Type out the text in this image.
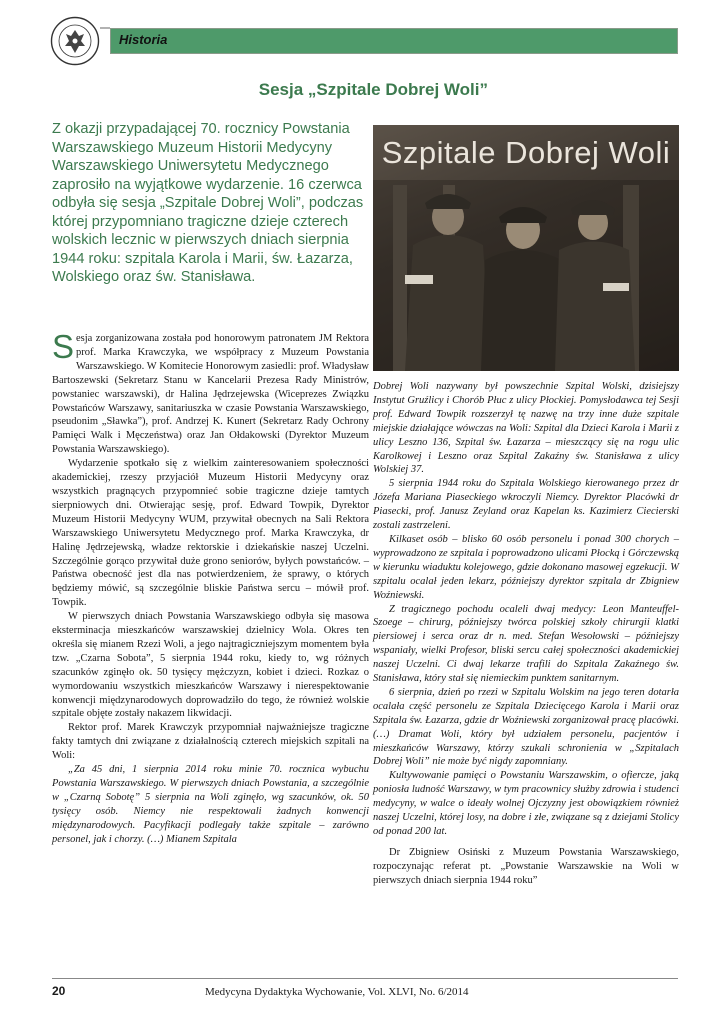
Historia
Sesja „Szpitale Dobrej Woli”

Z okazji przypadającej 70. rocznicy Powstania Warszawskiego Muzeum Historii Medycyny Warszawskiego Uniwersytetu Medycznego zaprosiło na wyjątkowe wydarzenie. 16 czerwca odbyła się sesja „Szpitale Dobrej Woli”, podczas której przypomniano tragiczne dzieje czterech wolskich lecznic w pierwszych dniach sierpnia 1944 roku: szpitala Karola i Marii, św. Łazarza, Wolskiego oraz św. Stanisława.

Szpitale Dobrej Woli

Sesja zorganizowana została pod honorowym patronatem JM Rektora prof. Marka Krawczyka, we współpracy z Muzeum Powstania Warszawskiego. W Komitecie Honorowym zasiedli: prof. Władysław Bartoszewski (Sekretarz Stanu w Kancelarii Prezesa Rady Ministrów, powstaniec warszawski), dr Halina Jędrzejewska (Wiceprezes Związku Powstańców Warszawy, sanitariuszka w czasie Powstania Warszawskiego, pseudonim „Sławka”), prof. Andrzej K. Kunert (Sekretarz Rady Ochrony Pamięci Walk i Męczeństwa) oraz Jan Ołdakowski (Dyrektor Muzeum Powstania Warszawskiego).

Wydarzenie spotkało się z wielkim zainteresowaniem społeczności akademickiej, rzeszy przyjaciół Muzeum Historii Medycyny oraz wszystkich pragnących przypomnieć sobie tragiczne dzieje tamtych sierpniowych dni. Otwierając sesję, prof. Edward Towpik, Dyrektor Muzeum Historii Medycyny WUM, przywitał obecnych na Sali Rektora Warszawskiego Uniwersytetu Medycznego prof. Marka Krawczyka, dr Halinę Jędrzejewską, władze rektorskie i dziekańskie naszej Uczelni. Szczególnie gorąco przywitał duże grono seniorów, byłych powstańców. – Państwa obecność jest dla nas potwierdzeniem, że sprawy, o których będziemy mówić, są szczególnie bliskie Państwa sercu – mówił prof. Towpik.

W pierwszych dniach Powstania Warszawskiego odbyła się masowa eksterminacja mieszkańców warszawskiej dzielnicy Wola. Okres ten określa się mianem Rzezi Woli, a jego najtragiczniejszym momentem była tzw. „Czarna Sobota”, 5 sierpnia 1944 roku, kiedy to, wg różnych szacunków zginęło ok. 50 tysięcy mężczyzn, kobiet i dzieci. Rozkaz o wymordowaniu wszystkich mieszkańców Warszawy i nierespektowanie konwencji międzynarodowych doprowadziło do tego, że również wolskie szpitale objęte zostały nakazem likwidacji.

Rektor prof. Marek Krawczyk przypomniał najważniejsze tragiczne fakty tamtych dni związane z działalnością czterech miejskich szpitali na Woli:

„Za 45 dni, 1 sierpnia 2014 roku minie 70. rocznica wybuchu Powstania Warszawskiego. W pierwszych dniach Powstania, a szczególnie w „Czarną Sobotę” 5 sierpnia na Woli zginęło, wg szacunków, ok. 50 tysięcy osób. Niemcy nie respektowali żadnych konwencji międzynarodowych. Pacyfikacji podlegały także szpitale – zarówno personel, jak i chorzy. (…) Mianem Szpitala

Dobrej Woli nazywany był powszechnie Szpital Wolski, dzisiejszy Instytut Gruźlicy i Chorób Płuc z ulicy Płockiej. Pomysłodawca tej Sesji prof. Edward Towpik rozszerzył tę nazwę na trzy inne duże szpitale miejskie działające wówczas na Woli: Szpital dla Dzieci Karola i Marii z ulicy Leszno 136, Szpital św. Łazarza – mieszczący się na rogu ulic Karolkowej i Leszno oraz Szpital Zakaźny św. Stanisława z ulicy Wolskiej 37.

5 sierpnia 1944 roku do Szpitala Wolskiego kierowanego przez dr Józefa Mariana Piaseckiego wkroczyli Niemcy. Dyrektor Placówki dr Piasecki, prof. Janusz Zeyland oraz Kapelan ks. Kazimierz Ciecierski zostali zastrzeleni.

Kilkaset osób – blisko 60 osób personelu i ponad 300 chorych – wyprowadzono ze szpitala i poprowadzono ulicami Płocką i Górczewską w kierunku wiaduktu kolejowego, gdzie dokonano masowej egzekucji. W szpitalu ocalał jeden lekarz, późniejszy dyrektor szpitala dr Zbigniew Woźniewski.

Z tragicznego pochodu ocaleli dwaj medycy: Leon Manteuffel-Szoege – chirurg, późniejszy twórca polskiej szkoły chirurgii klatki piersiowej i serca oraz dr n. med. Stefan Wesołowski – późniejszy wspaniały, wielki Profesor, bliski sercu całej społeczności akademickiej naszej Uczelni. Ci dwaj lekarze trafili do Szpitala Zakaźnego św. Stanisława, który stał się niemieckim punktem sanitarnym.

6 sierpnia, dzień po rzezi w Szpitalu Wolskim na jego teren dotarła ocalała część personelu ze Szpitala Dziecięcego Karola i Marii oraz Szpitala św. Łazarza, gdzie dr Woźniewski zorganizował pracę placówki. (…) Dramat Woli, który był udziałem personelu, pacjentów i mieszkańców Warszawy, którzy szukali schronienia w „Szpitalach Dobrej Woli” nie może być nigdy zapomniany.

Kultywowanie pamięci o Powstaniu Warszawskim, o ofiercze, jaką poniosła ludność Warszawy, w tym pracownicy służby zdrowia i studenci medycyny, w walce o ideały wolnej Ojczyzny jest obowiązkiem również naszej Uczelni, której losy, na dobre i złe, związane są z dziejami Stolicy od ponad 200 lat.

Dr Zbigniew Osiński z Muzeum Powstania Warszawskiego, rozpoczynając referat pt. „Powstanie Warszawskie na Woli w pierwszych dniach sierpnia 1944 roku”

20	Medycyna Dydaktyka Wychowanie, Vol. XLVI, No. 6/2014
